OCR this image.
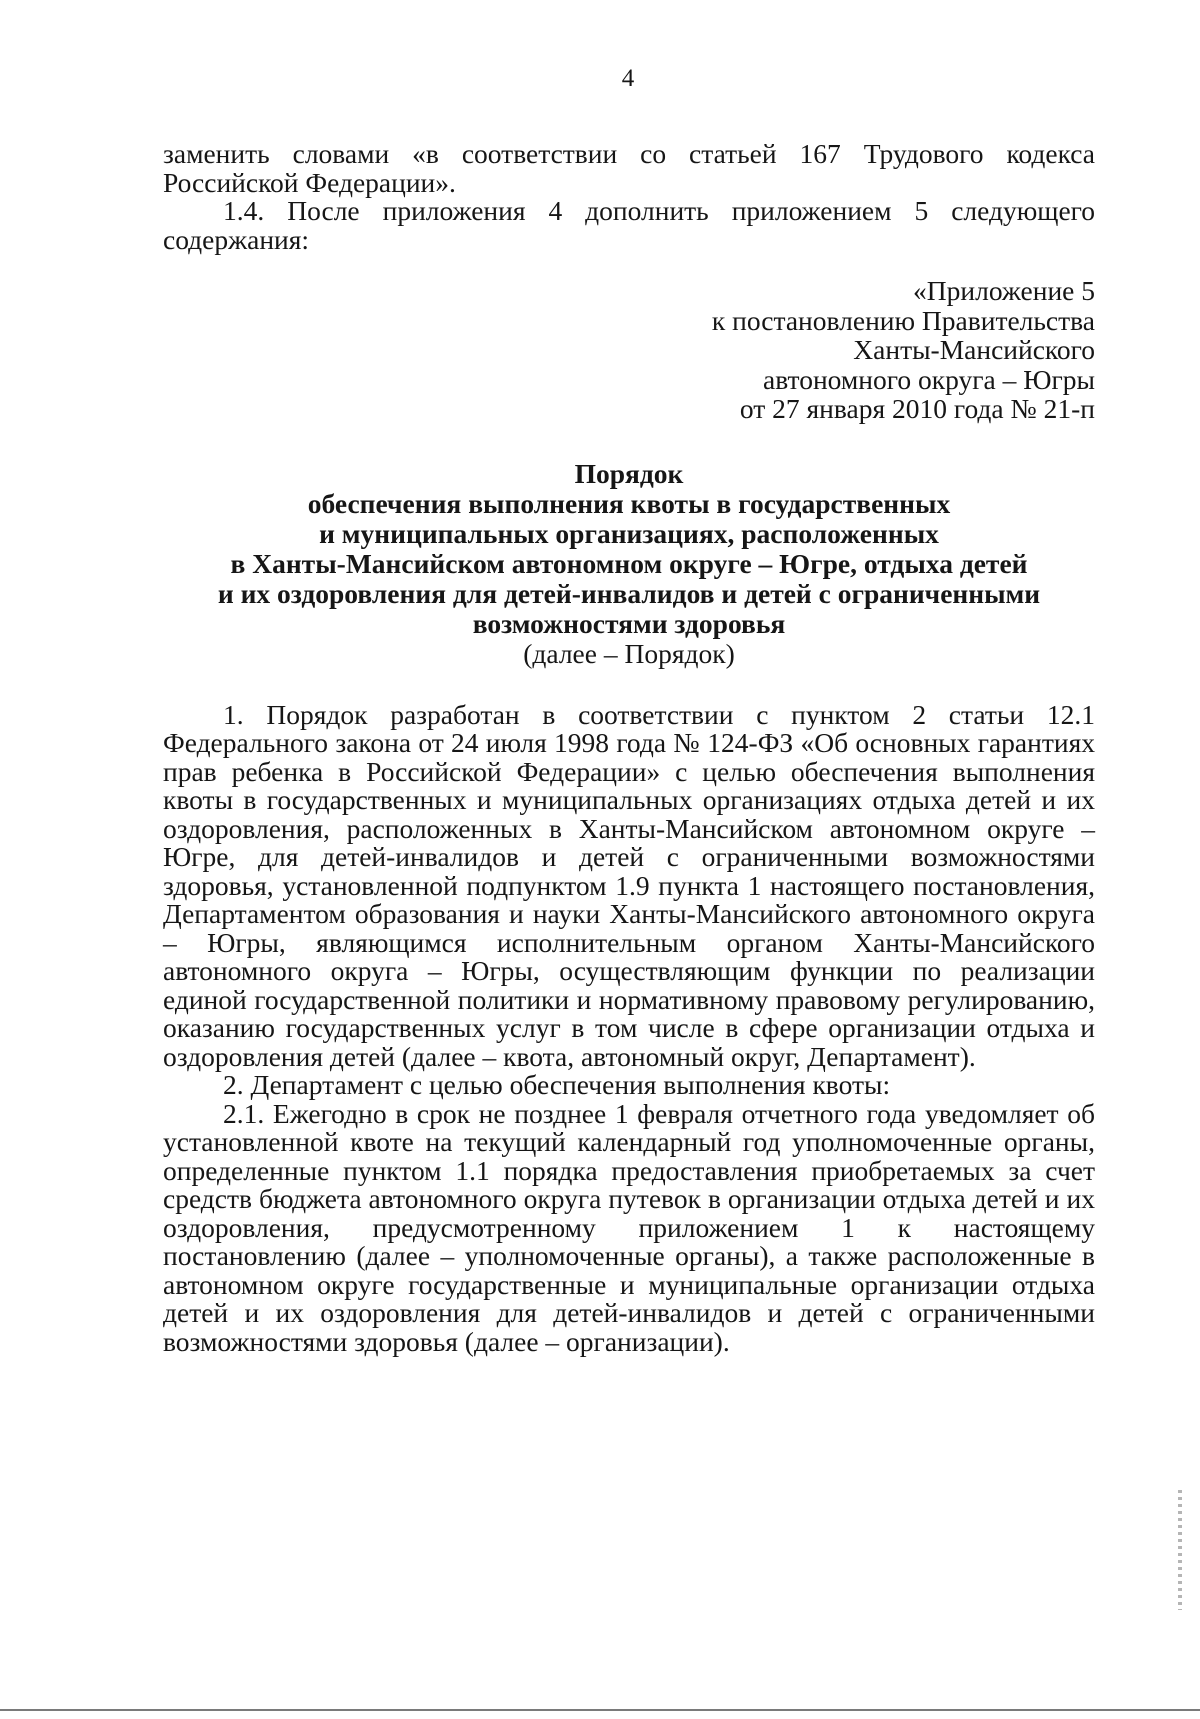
4

заменить словами «в соответствии со статьей 167 Трудового кодекса Российской Федерации».

1.4. После приложения 4 дополнить приложением 5 следующего содержания:

«Приложение 5
к постановлению Правительства
Ханты-Мансийского
автономного округа – Югры
от 27 января 2010 года № 21-п
Порядок
обеспечения выполнения квоты в государственных
и муниципальных организациях, расположенных
в Ханты-Мансийском автономном округе – Югре, отдыха детей
и их оздоровления для детей-инвалидов и детей с ограниченными
возможностями здоровья
(далее – Порядок)

1. Порядок разработан в соответствии с пунктом 2 статьи 12.1 Федерального закона от 24 июля 1998 года № 124-ФЗ «Об основных гарантиях прав ребенка в Российской Федерации» с целью обеспечения выполнения квоты в государственных и муниципальных организациях отдыха детей и их оздоровления, расположенных в Ханты-Мансийском автономном округе – Югре, для детей-инвалидов и детей с ограниченными возможностями здоровья, установленной подпунктом 1.9 пункта 1 настоящего постановления, Департаментом образования и науки Ханты-Мансийского автономного округа – Югры, являющимся исполнительным органом Ханты-Мансийского автономного округа – Югры, осуществляющим функции по реализации единой государственной политики и нормативному правовому регулированию, оказанию государственных услуг в том числе в сфере организации отдыха и оздоровления детей (далее – квота, автономный округ, Департамент).

2. Департамент с целью обеспечения выполнения квоты:

2.1. Ежегодно в срок не позднее 1 февраля отчетного года уведомляет об установленной квоте на текущий календарный год уполномоченные органы, определенные пунктом 1.1 порядка предоставления приобретаемых за счет средств бюджета автономного округа путевок в организации отдыха детей и их оздоровления, предусмотренному приложением 1 к настоящему постановлению (далее – уполномоченные органы), а также расположенные в автономном округе государственные и муниципальные организации отдыха детей и их оздоровления для детей-инвалидов и детей с ограниченными возможностями здоровья (далее – организации).
